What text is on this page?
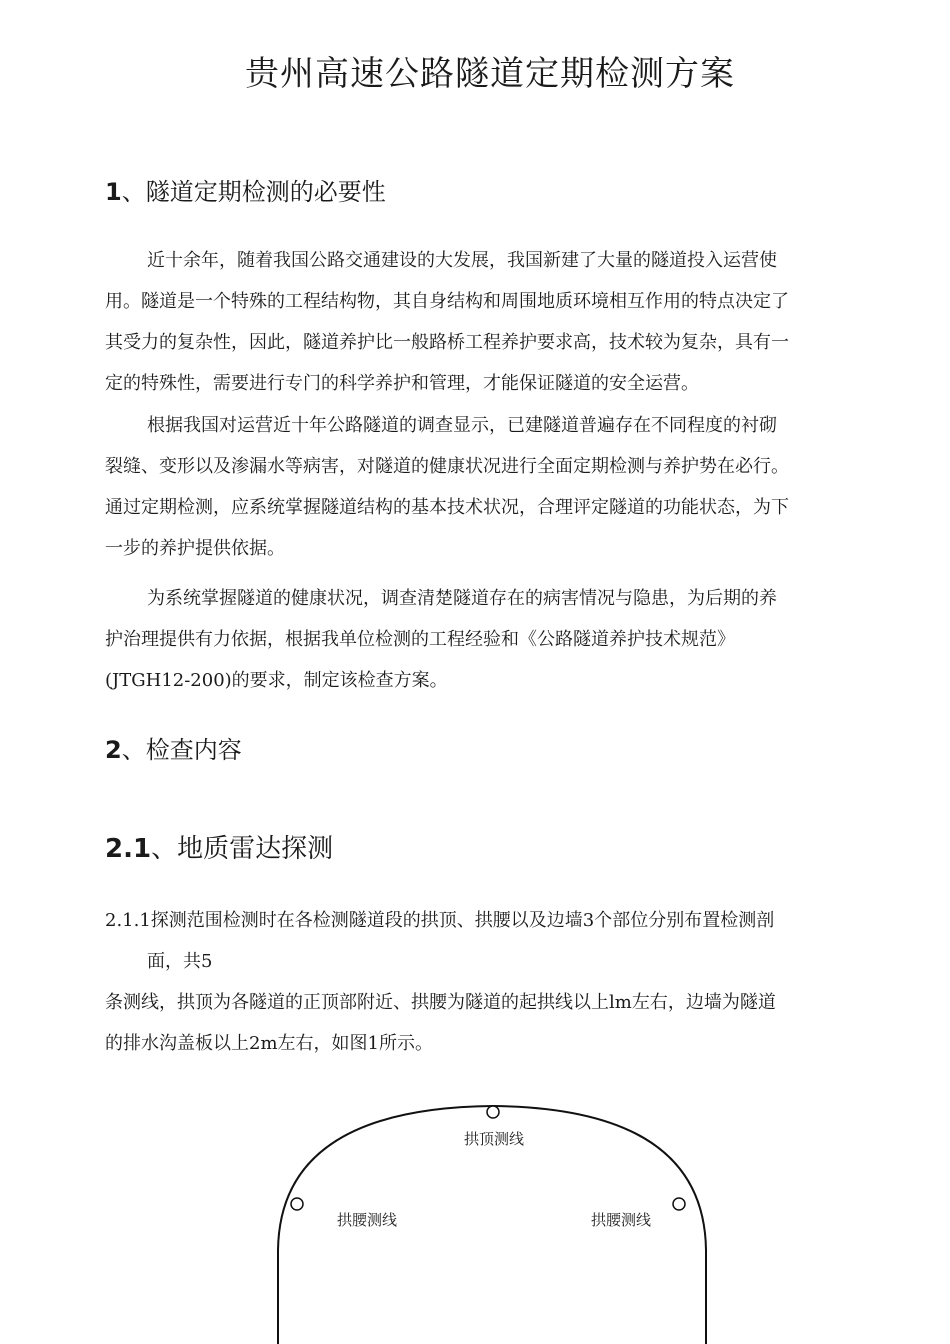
贵州高速公路隧道定期检测方案
1、隧道定期检测的必要性
近十余年，随着我国公路交通建设的大发展，我国新建了大量的隧道投入运营使
用。隧道是一个特殊的工程结构物，其自身结构和周围地质环境相互作用的特点决定了
其受力的复杂性，因此，隧道养护比一般路桥工程养护要求高，技术较为复杂，具有一
定的特殊性，需要进行专门的科学养护和管理，才能保证隧道的安全运营。
根据我国对运营近十年公路隧道的调查显示，已建隧道普遍存在不同程度的衬砌
裂缝、变形以及渗漏水等病害，对隧道的健康状况进行全面定期检测与养护势在必行。
通过定期检测，应系统掌握隧道结构的基本技术状况，合理评定隧道的功能状态，为下
一步的养护提供依据。
为系统掌握隧道的健康状况，调查清楚隧道存在的病害情况与隐患，为后期的养
护治理提供有力依据，根据我单位检测的工程经验和《公路隧道养护技术规范》
(JTGH12-200)的要求，制定该检查方案。
2、检查内容
2.1、地质雷达探测
2.1.1探测范围检测时在各检测隧道段的拱顶、拱腰以及边墙3个部位分别布置检测剖
面，共5
条测线，拱顶为各隧道的正顶部附近、拱腰为隧道的起拱线以上lm左右，边墙为隧道
的排水沟盖板以上2m左右，如图1所示。
拱顶测线
拱腰测线	拱腰测线
